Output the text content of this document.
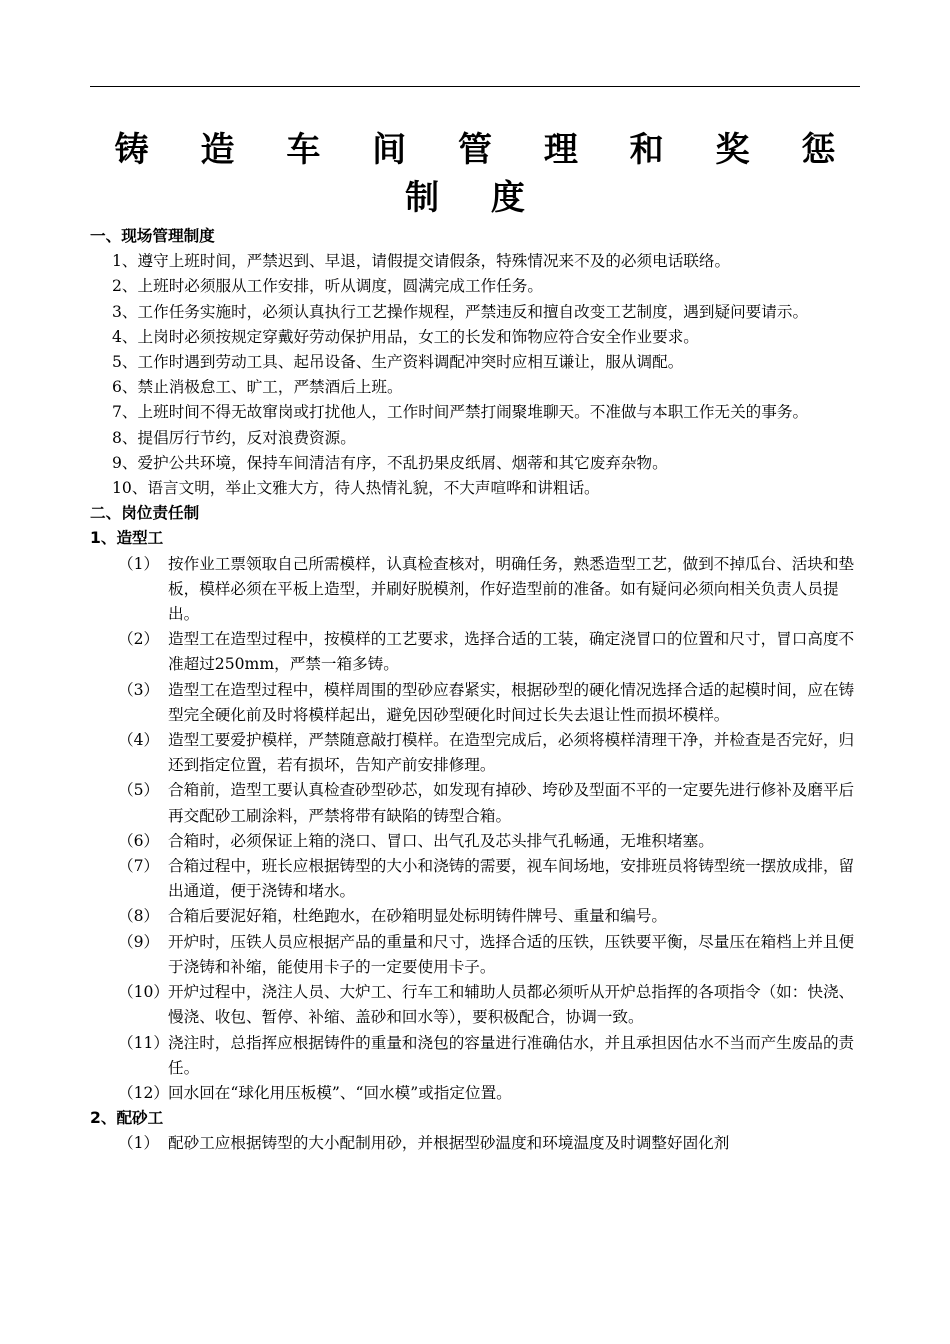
铸 造 车 间 管 理 和 奖 惩 制 度
一、现场管理制度
1、遵守上班时间，严禁迟到、早退，请假提交请假条，特殊情况来不及的必须电话联络。
2、上班时必须服从工作安排，听从调度，圆满完成工作任务。
3、工作任务实施时，必须认真执行工艺操作规程，严禁违反和擅自改变工艺制度，遇到疑问要请示。
4、上岗时必须按规定穿戴好劳动保护用品，女工的长发和饰物应符合安全作业要求。
5、工作时遇到劳动工具、起吊设备、生产资料调配冲突时应相互谦让，服从调配。
6、禁止消极怠工、旷工，严禁酒后上班。
7、上班时间不得无故窜岗或打扰他人，工作时间严禁打闹聚堆聊天。不准做与本职工作无关的事务。
8、提倡厉行节约，反对浪费资源。
9、爱护公共环境，保持车间清洁有序，不乱扔果皮纸屑、烟蒂和其它废弃杂物。
10、语言文明，举止文雅大方，待人热情礼貌，不大声喧哗和讲粗话。
二、岗位责任制
1、造型工
（1） 按作业工票领取自己所需模样，认真检查核对，明确任务，熟悉造型工艺，做到不掉瓜台、活块和垫板，模样必须在平板上造型，并刷好脱模剂，作好造型前的准备。如有疑问必须向相关负责人员提出。
（2） 造型工在造型过程中，按模样的工艺要求，选择合适的工装，确定浇冒口的位置和尺寸，冒口高度不准超过250mm，严禁一箱多铸。
（3） 造型工在造型过程中，模样周围的型砂应舂紧实，根据砂型的硬化情况选择合适的起模时间，应在铸型完全硬化前及时将模样起出，避免因砂型硬化时间过长失去退让性而损坏模样。
（4） 造型工要爱护模样，严禁随意敲打模样。在造型完成后，必须将模样清理干净，并检查是否完好，归还到指定位置，若有损坏，告知产前安排修理。
（5） 合箱前，造型工要认真检查砂型砂芯，如发现有掉砂、垮砂及型面不平的一定要先进行修补及磨平后再交配砂工刷涂料，严禁将带有缺陷的铸型合箱。
（6） 合箱时，必须保证上箱的浇口、冒口、出气孔及芯头排气孔畅通，无堆积堵塞。
（7） 合箱过程中，班长应根据铸型的大小和浇铸的需要，视车间场地，安排班员将铸型统一摆放成排，留出通道，便于浇铸和堵水。
（8） 合箱后要泥好箱，杜绝跑水，在砂箱明显处标明铸件牌号、重量和编号。
（9） 开炉时，压铁人员应根据产品的重量和尺寸，选择合适的压铁，压铁要平衡，尽量压在箱档上并且便于浇铸和补缩，能使用卡子的一定要使用卡子。
（10）开炉过程中，浇注人员、大炉工、行车工和辅助人员都必须听从开炉总指挥的各项指令（如：快浇、慢浇、收包、暂停、补缩、盖砂和回水等），要积极配合，协调一致。
（11）浇注时，总指挥应根据铸件的重量和浇包的容量进行准确估水，并且承担因估水不当而产生废品的责任。
（12）回水回在“球化用压板模”、“回水模”或指定位置。
2、配砂工
（1） 配砂工应根据铸型的大小配制用砂，并根据型砂温度和环境温度及时调整好固化剂
